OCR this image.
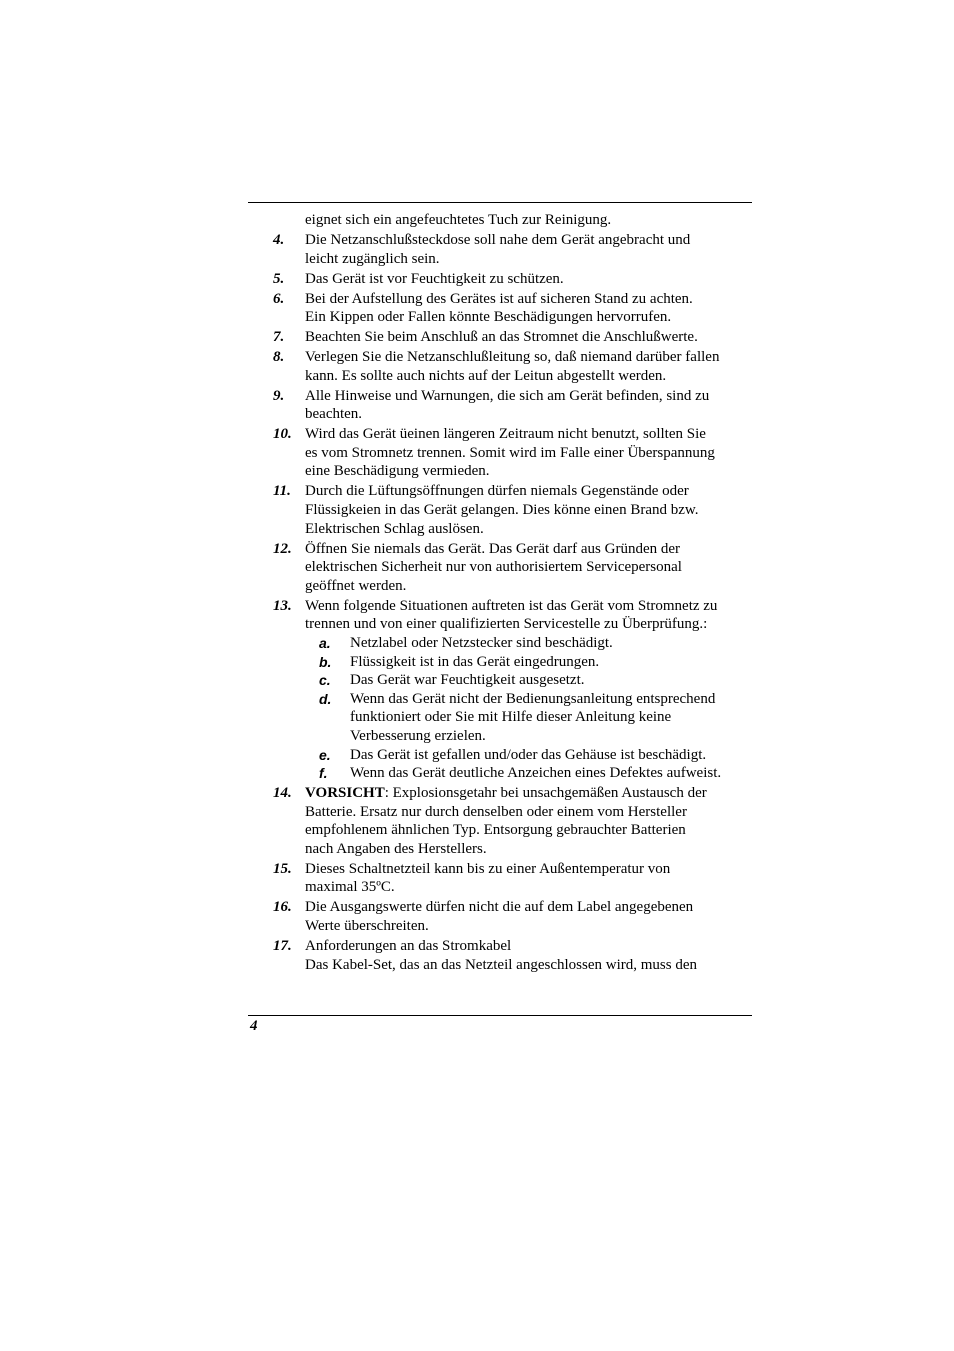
eignet sich ein angefeuchtetes Tuch zur Reinigung.
4.	Die Netzanschlußsteckdose soll nahe dem Gerät angebracht und
leicht zugänglich sein.
5.	Das Gerät ist vor Feuchtigkeit zu schützen.
6.	Bei der Aufstellung des Gerätes ist auf sicheren Stand zu achten.
Ein Kippen oder Fallen könnte Beschädigungen hervorrufen.
7.	Beachten Sie beim Anschluß an das Stromnet die Anschlußwerte.
8.	Verlegen Sie die Netzanschlußleitung so, daß niemand darüber fallen
kann. Es sollte auch nichts auf der Leitun abgestellt werden.
9.	Alle Hinweise und Warnungen, die sich am Gerät befinden, sind zu
beachten.
10. Wird das Gerät üeinen längeren Zeitraum nicht benutzt, sollten Sie
es vom Stromnetz trennen. Somit wird im Falle einer Überspannung
eine Beschädigung vermieden.
11. Durch die Lüftungsöffnungen dürfen niemals Gegenstände oder
Flüssigkeien in das Gerät gelangen. Dies könne einen Brand bzw.
Elektrischen Schlag auslösen.
12. Öffnen Sie niemals das Gerät. Das Gerät darf aus Gründen der
elektrischen Sicherheit nur von authorisiertem Servicepersonal
geöffnet werden.
13. Wenn folgende Situationen auftreten ist das Gerät vom Stromnetz zu
trennen und von einer qualifizierten Servicestelle zu Überprüfung.:
a.	Netzlabel oder Netzstecker sind beschädigt.
b.	Flüssigkeit ist in das Gerät eingedrungen.
c.	Das Gerät war Feuchtigkeit ausgesetzt.
d.	Wenn das Gerät nicht der Bedienungsanleitung entsprechend
funktioniert oder Sie mit Hilfe dieser Anleitung keine
Verbesserung erzielen.
e.	Das Gerät ist gefallen und/oder das Gehäuse ist beschädigt.
f.	Wenn das Gerät deutliche Anzeichen eines Defektes aufweist.
14. VORSICHT: Explosionsgetahr bei unsachgemäßen Austausch der
Batterie. Ersatz nur durch denselben oder einem vom Hersteller
empfohlenem ähnlichen Typ. Entsorgung gebrauchter Batterien
nach Angaben des Herstellers.
15. Dieses Schaltnetzteil kann bis zu einer Außentemperatur von
maximal 35ºC.
16. Die Ausgangswerte dürfen nicht die auf dem Label angegebenen
Werte überschreiten.
17. Anforderungen an das Stromkabel
Das Kabel-Set, das an das Netzteil angeschlossen wird, muss den
4
